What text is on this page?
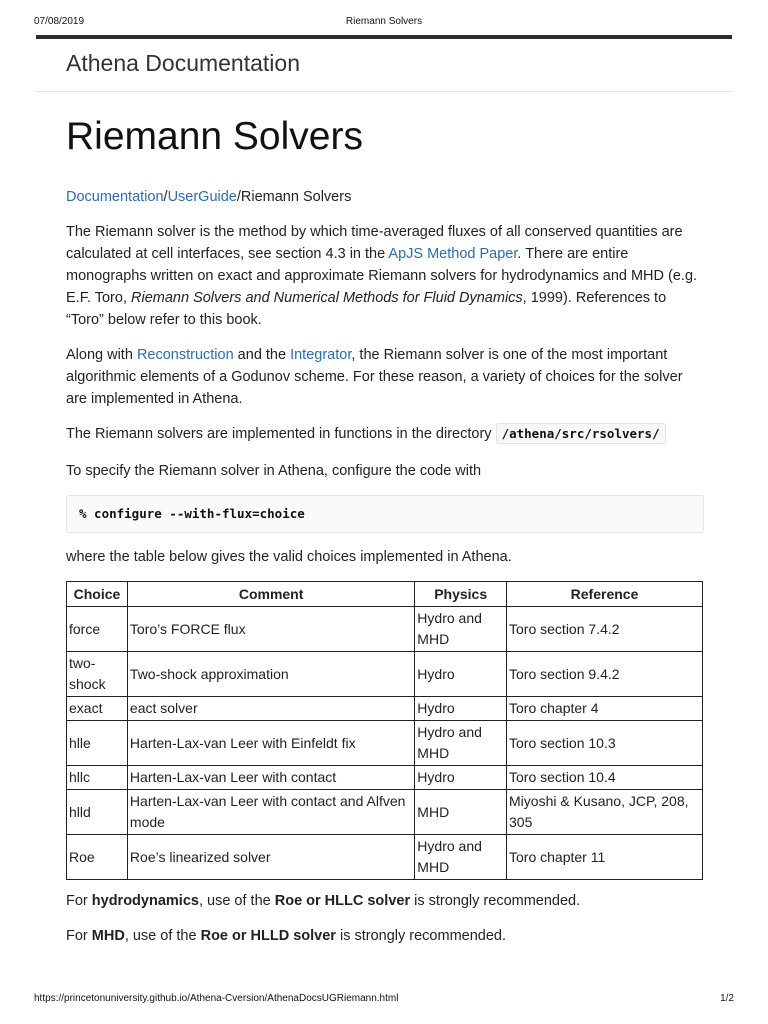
07/08/2019	Riemann Solvers
Athena Documentation
Riemann Solvers

Documentation/UserGuide/Riemann Solvers

The Riemann solver is the method by which time-averaged fluxes of all conserved quantities are calculated at cell interfaces, see section 4.3 in the ApJS Method Paper. There are entire monographs written on exact and approximate Riemann solvers for hydrodynamics and MHD (e.g. E.F. Toro, Riemann Solvers and Numerical Methods for Fluid Dynamics, 1999). References to “Toro” below refer to this book.

Along with Reconstruction and the Integrator, the Riemann solver is one of the most important algorithmic elements of a Godunov scheme. For these reason, a variety of choices for the solver are implemented in Athena.

The Riemann solvers are implemented in functions in the directory /athena/src/rsolvers/

To specify the Riemann solver in Athena, configure the code with

% configure --with-flux=choice

where the table below gives the valid choices implemented in Athena.

Choice	Comment	Physics	Reference
force	Toro’s FORCE flux	Hydro and MHD	Toro section 7.4.2
two-shock	Two-shock approximation	Hydro	Toro section 9.4.2
exact	eact solver	Hydro	Toro chapter 4
hlle	Harten-Lax-van Leer with Einfeldt fix	Hydro and MHD	Toro section 10.3
hllc	Harten-Lax-van Leer with contact	Hydro	Toro section 10.4
hlld	Harten-Lax-van Leer with contact and Alfven mode	MHD	Miyoshi & Kusano, JCP, 208, 305
Roe	Roe’s linearized solver	Hydro and MHD	Toro chapter 11

For hydrodynamics, use of the Roe or HLLC solver is strongly recommended.

For MHD, use of the Roe or HLLD solver is strongly recommended.

https://princetonuniversity.github.io/Athena-Cversion/AthenaDocsUGRiemann.html	1/2
